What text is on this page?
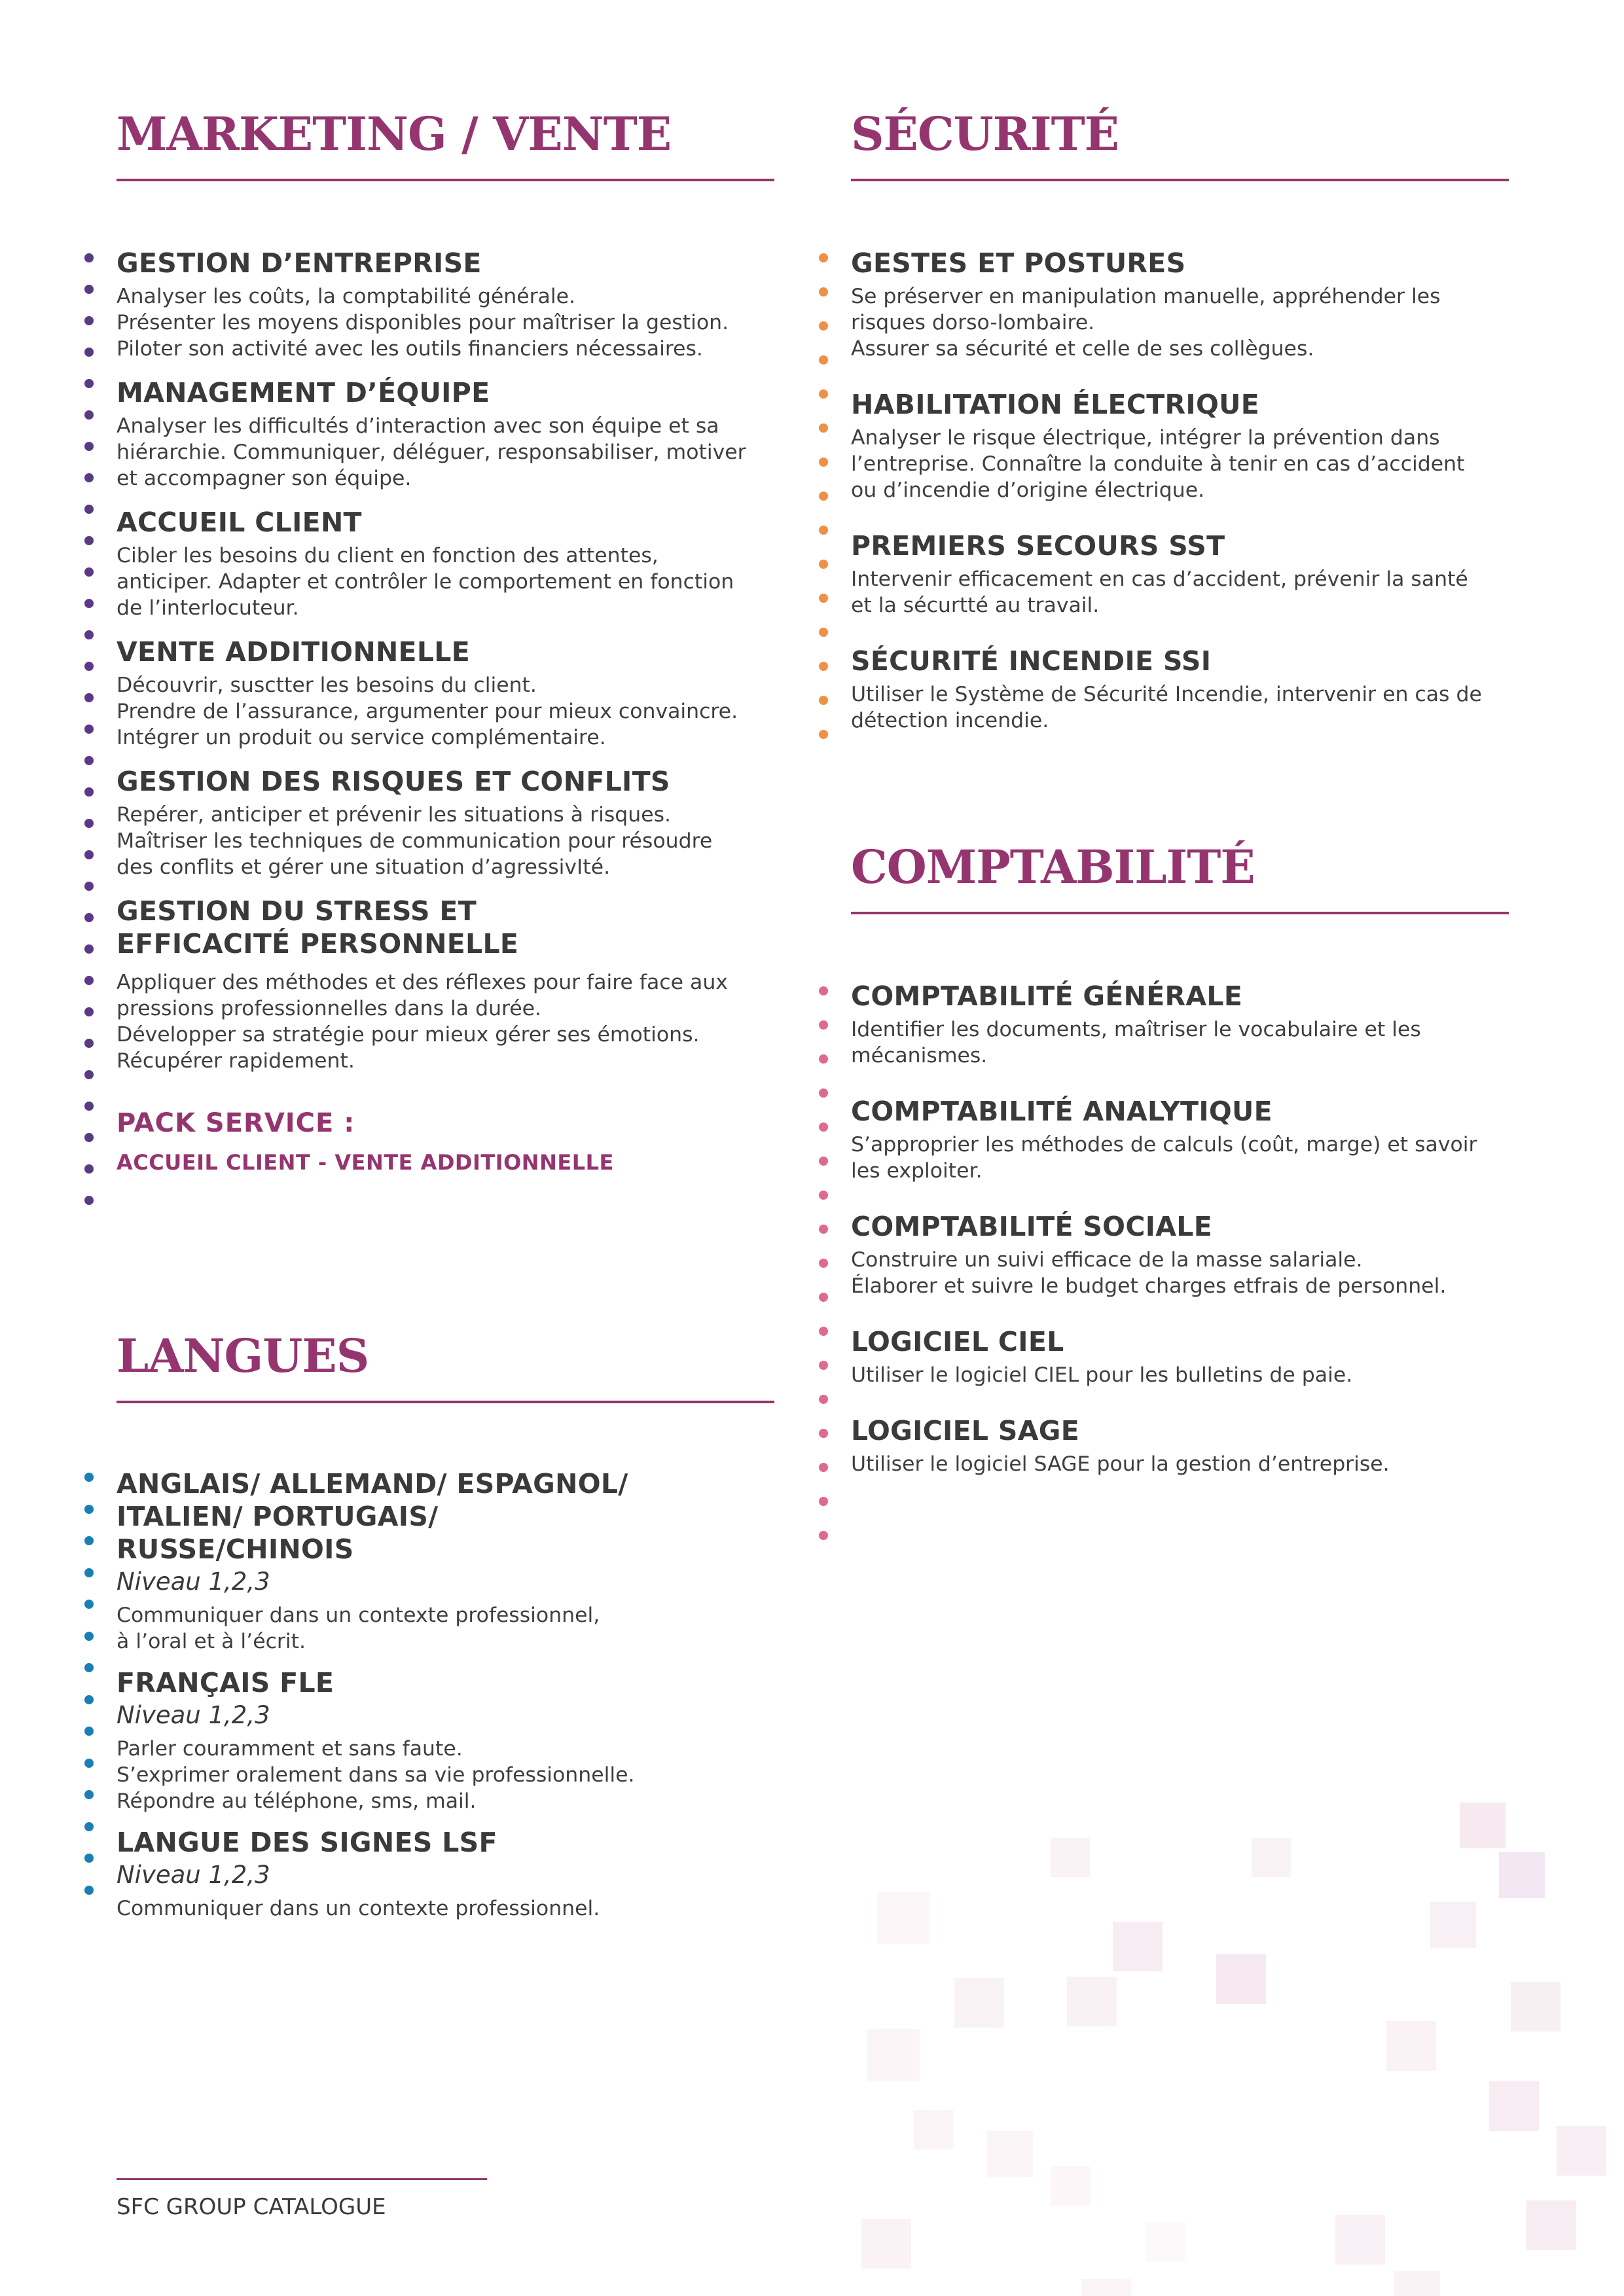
MARKETING / VENTE
GESTION D’ENTREPRISE
Analyser les coûts, la comptabilité générale.
Présenter les moyens disponibles pour maîtriser la gestion.
Piloter son activité avec les outils financiers nécessaires.
MANAGEMENT D’ÉQUIPE
Analyser les difficultés d’interaction avec son équipe et sa
hiérarchie. Communiquer, déléguer, responsabiliser, motiver
et accompagner son équipe.
ACCUEIL CLIENT
Cibler les besoins du client en fonction des attentes,
anticiper. Adapter et contrôler le comportement en fonction
de l’interlocuteur.
VENTE ADDITIONNELLE
Découvrir, susctter les besoins du client.
Prendre de l’assurance, argumenter pour mieux convaincre.
Intégrer un produit ou service complémentaire.
GESTION DES RISQUES ET CONFLITS
Repérer, anticiper et prévenir les situations à risques.
Maîtriser les techniques de communication pour résoudre
des conflits et gérer une situation d’agressivIté.
GESTION DU STRESS ET
EFFICACITÉ PERSONNELLE
Appliquer des méthodes et des réflexes pour faire face aux
pressions professionnelles dans la durée.
Développer sa stratégie pour mieux gérer ses émotions.
Récupérer rapidement.
PACK SERVICE :
ACCUEIL CLIENT - VENTE ADDITIONNELLE
LANGUES
ANGLAIS/ ALLEMAND/ ESPAGNOL/
ITALIEN/ PORTUGAIS/
RUSSE/CHINOIS
Niveau 1,2,3
Communiquer dans un contexte professionnel,
à l’oral et à l’écrit.
FRANÇAIS FLE
Niveau 1,2,3
Parler couramment et sans faute.
S’exprimer oralement dans sa vie professionnelle.
Répondre au téléphone, sms, mail.
LANGUE DES SIGNES LSF
Niveau 1,2,3
Communiquer dans un contexte professionnel.
SÉCURITÉ
GESTES ET POSTURES
Se préserver en manipulation manuelle, appréhender les
risques dorso-lombaire.
Assurer sa sécurité et celle de ses collègues.
HABILITATION ÉLECTRIQUE
Analyser le risque électrique, intégrer la prévention dans
l’entreprise. Connaître la conduite à tenir en cas d’accident
ou d’incendie d’origine électrique.
PREMIERS SECOURS SST
Intervenir efficacement en cas d’accident, prévenir la santé
et la sécurtté au travail.
SÉCURITÉ INCENDIE SSI
Utiliser le Système de Sécurité Incendie, intervenir en cas de
détection incendie.
COMPTABILITÉ
COMPTABILITÉ GÉNÉRALE
Identifier les documents, maîtriser le vocabulaire et les
mécanismes.
COMPTABILITÉ ANALYTIQUE
S’approprier les méthodes de calculs (coût, marge) et savoir
les exploiter.
COMPTABILITÉ SOCIALE
Construire un suivi efficace de la masse salariale.
Élaborer et suivre le budget charges etfrais de personnel.
LOGICIEL CIEL
Utiliser le logiciel CIEL pour les bulletins de paie.
LOGICIEL SAGE
Utiliser le logiciel SAGE pour la gestion d’entreprise.
SFC GROUP CATALOGUE
